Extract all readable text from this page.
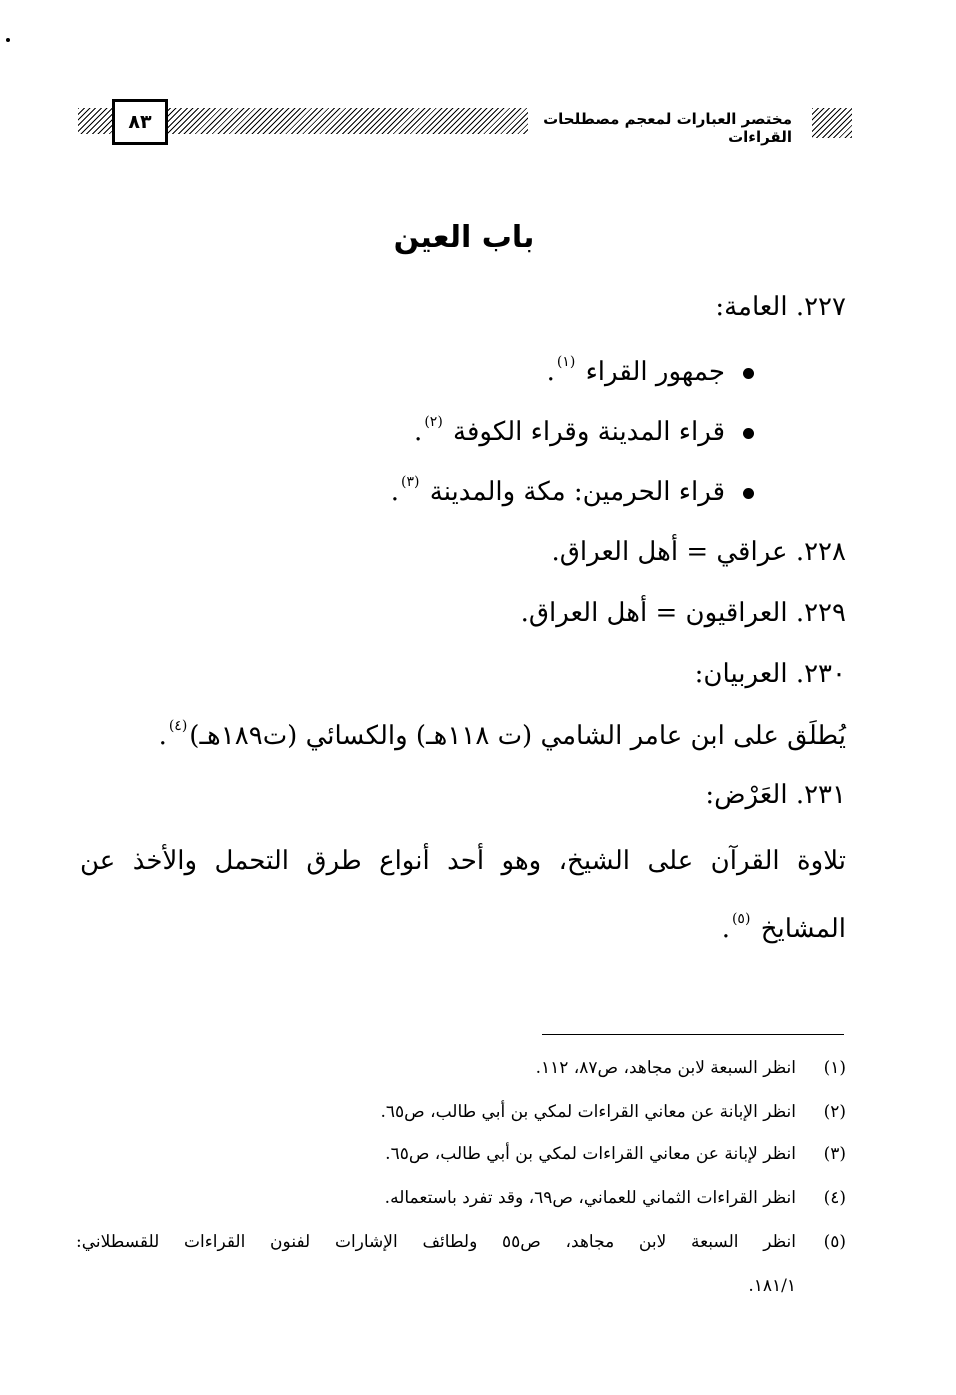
٨٣	مختصر العبارات لمعجم مصطلحات القراءات
باب العين
٢٢٧. العامة:
جمهور القراء $^{(١)}$.
قراء المدينة وقراء الكوفة $^{(٢)}$.
قراء الحرمين: مكة والمدينة $^{(٣)}$.
٢٢٨. عراقي = أهل العراق.
٢٢٩. العراقيون = أهل العراق.
٢٣٠. العربيان:
يُطلَق على ابن عامر الشامي (ت ١١٨هـ) والكسائي (ت١٨٩هـ)$^{(٤)}$.
٢٣١. العَرْض:
تلاوة القرآن على الشيخ، وهو أحد أنواع طرق التحمل والأخذ عن المشايخ $^{(٥)}$.
(١)انظر السبعة لابن مجاهد، ص٨٧، ١١٢.
(٢)انظر الإبانة عن معاني القراءات لمكي بن أبي طالب، ص٦٥.
(٣)انظر لإبانة عن معاني القراءات لمكي بن أبي طالب، ص٦٥.
(٤)انظر القراءات الثماني للعماني، ص٦٩، وقد تفرد باستعماله.
(٥)انظر السبعة لابن مجاهد، ص٥٥ ولطائف الإشارات لفنون القراءات للقسطلاني:
١٨١/١.
